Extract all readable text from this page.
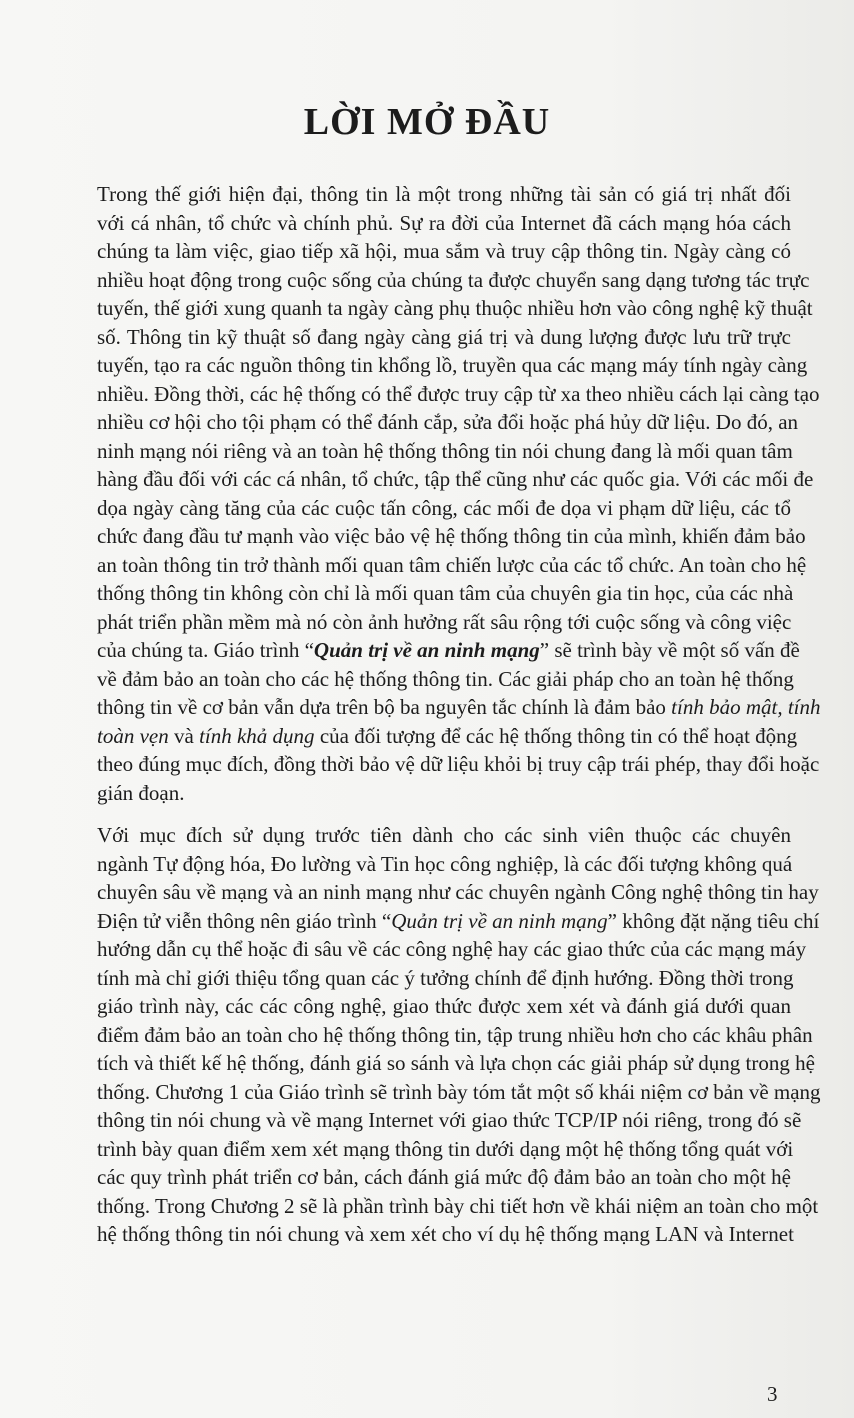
LỜI MỞ ĐẦU
Trong thế giới hiện đại, thông tin là một trong những tài sản có giá trị nhất đối
với cá nhân, tổ chức và chính phủ. Sự ra đời của Internet đã cách mạng hóa cách
chúng ta làm việc, giao tiếp xã hội, mua sắm và truy cập thông tin. Ngày càng có
nhiều hoạt động trong cuộc sống của chúng ta được chuyển sang dạng tương tác trực
tuyến, thế giới xung quanh ta ngày càng phụ thuộc nhiều hơn vào công nghệ kỹ thuật
số. Thông tin kỹ thuật số đang ngày càng giá trị và dung lượng được lưu trữ trực
tuyến, tạo ra các nguồn thông tin khổng lồ, truyền qua các mạng máy tính ngày càng
nhiều. Đồng thời, các hệ thống có thể được truy cập từ xa theo nhiều cách lại càng tạo
nhiều cơ hội cho tội phạm có thể đánh cắp, sửa đổi hoặc phá hủy dữ liệu. Do đó, an
ninh mạng nói riêng và an toàn hệ thống thông tin nói chung đang là mối quan tâm
hàng đầu đối với các cá nhân, tổ chức, tập thể cũng như các quốc gia. Với các mối đe
dọa ngày càng tăng của các cuộc tấn công, các mối đe dọa vi phạm dữ liệu, các tổ
chức đang đầu tư mạnh vào việc bảo vệ hệ thống thông tin của mình, khiến đảm bảo
an toàn thông tin trở thành mối quan tâm chiến lược của các tổ chức. An toàn cho hệ
thống thông tin không còn chỉ là mối quan tâm của chuyên gia tin học, của các nhà
phát triển phần mềm mà nó còn ảnh hưởng rất sâu rộng tới cuộc sống và công việc
của chúng ta. Giáo trình “Quản trị về an ninh mạng” sẽ trình bày về một số vấn đề
về đảm bảo an toàn cho các hệ thống thông tin. Các giải pháp cho an toàn hệ thống
thông tin về cơ bản vẫn dựa trên bộ ba nguyên tắc chính là đảm bảo tính bảo mật, tính
toàn vẹn và tính khả dụng của đối tượng để các hệ thống thông tin có thể hoạt động
theo đúng mục đích, đồng thời bảo vệ dữ liệu khỏi bị truy cập trái phép, thay đổi hoặc
gián đoạn.
Với mục đích sử dụng trước tiên dành cho các sinh viên thuộc các chuyên
ngành Tự động hóa, Đo lường và Tin học công nghiệp, là các đối tượng không quá
chuyên sâu về mạng và an ninh mạng như các chuyên ngành Công nghệ thông tin hay
Điện tử viễn thông nên giáo trình “Quản trị về an ninh mạng” không đặt nặng tiêu chí
hướng dẫn cụ thể hoặc đi sâu về các công nghệ hay các giao thức của các mạng máy
tính mà chỉ giới thiệu tổng quan các ý tưởng chính để định hướng. Đồng thời trong
giáo trình này, các các công nghệ, giao thức được xem xét và đánh giá dưới quan
điểm đảm bảo an toàn cho hệ thống thông tin, tập trung nhiều hơn cho các khâu phân
tích và thiết kế hệ thống, đánh giá so sánh và lựa chọn các giải pháp sử dụng trong hệ
thống. Chương 1 của Giáo trình sẽ trình bày tóm tắt một số khái niệm cơ bản về mạng
thông tin nói chung và về mạng Internet với giao thức TCP/IP nói riêng, trong đó sẽ
trình bày quan điểm xem xét mạng thông tin dưới dạng một hệ thống tổng quát với
các quy trình phát triển cơ bản, cách đánh giá mức độ đảm bảo an toàn cho một hệ
thống. Trong Chương 2 sẽ là phần trình bày chi tiết hơn về khái niệm an toàn cho một
hệ thống thông tin nói chung và xem xét cho ví dụ hệ thống mạng LAN và Internet
3
